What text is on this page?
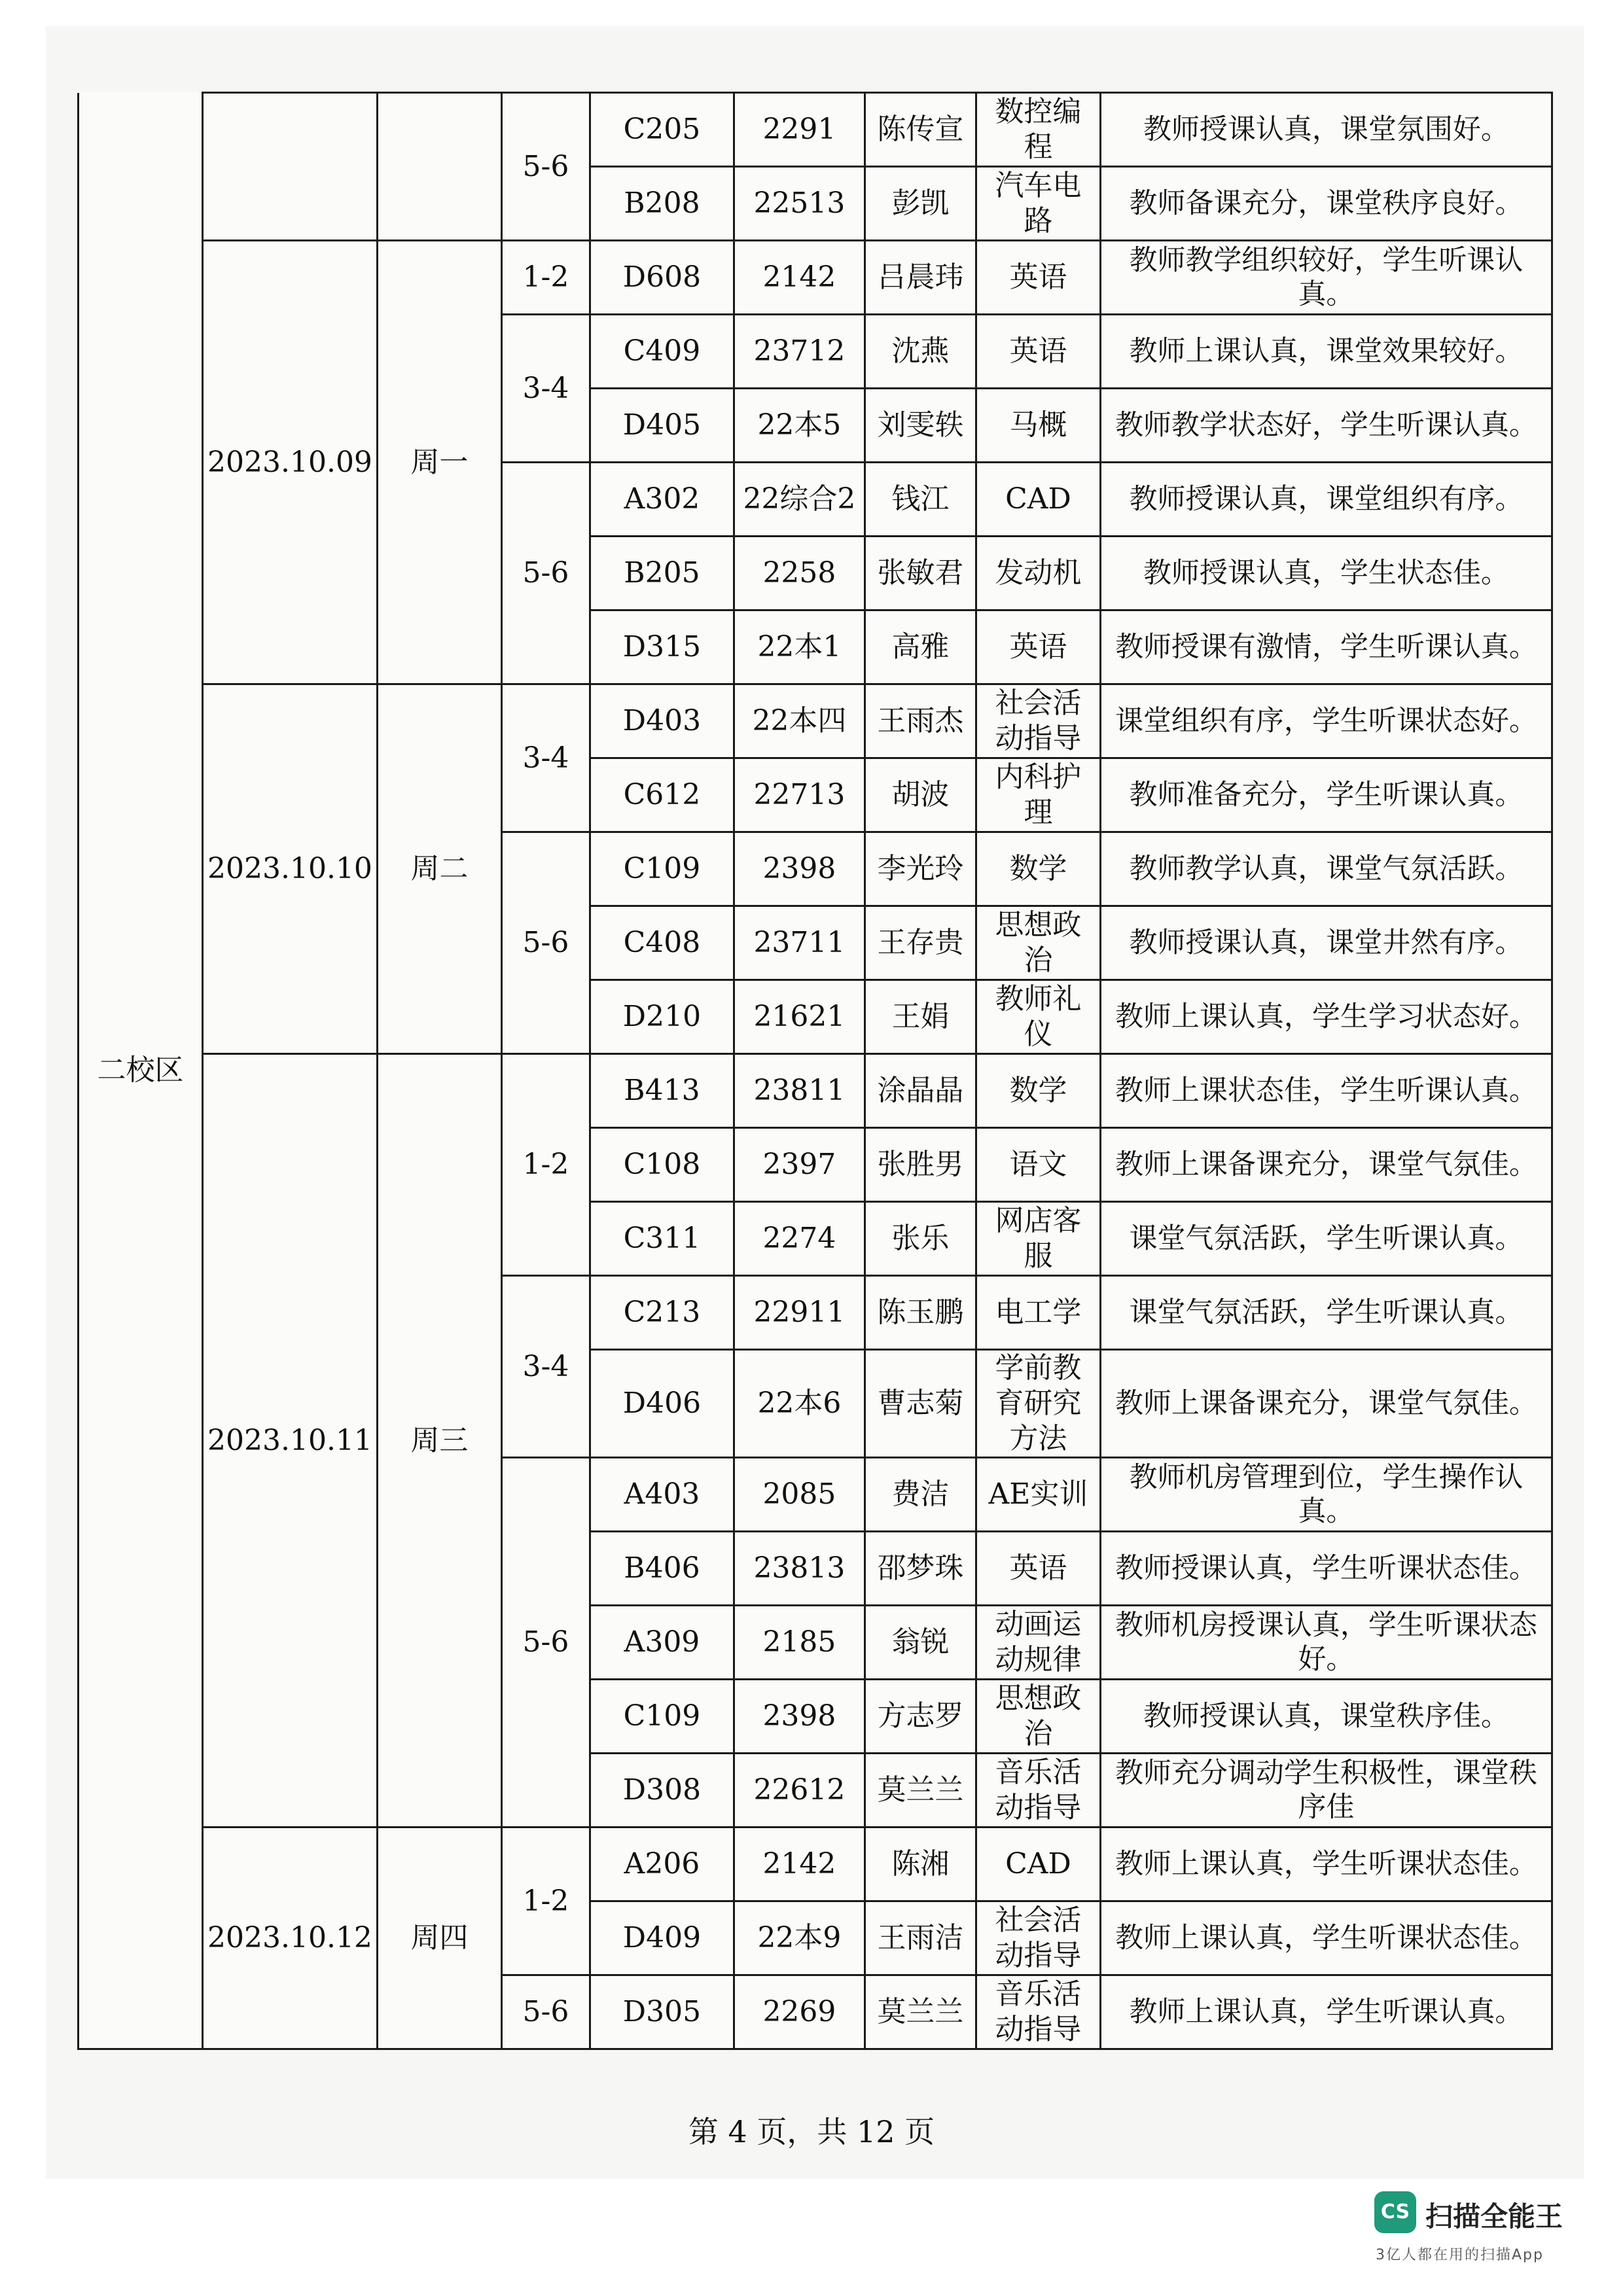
二校区			5-6	C205	2291	陈传宣	数控编程	教师授课认真，课堂氛围好。
				B208	22513	彭凯	汽车电路	教师备课充分，课堂秩序良好。
	2023.10.09	周一	1-2	D608	2142	吕晨玮	英语	教师教学组织较好，学生听课认真。
			3-4	C409	23712	沈燕	英语	教师上课认真，课堂效果较好。
				D405	22本5	刘雯轶	马概	教师教学状态好，学生听课认真。
			5-6	A302	22综合2	钱江	CAD	教师授课认真，课堂组织有序。
				B205	2258	张敏君	发动机	教师授课认真，学生状态佳。
				D315	22本1	高雅	英语	教师授课有激情，学生听课认真。
	2023.10.10	周二	3-4	D403	22本四	王雨杰	社会活动指导	课堂组织有序，学生听课状态好。
				C612	22713	胡波	内科护理	教师准备充分，学生听课认真。
			5-6	C109	2398	李光玲	数学	教师教学认真，课堂气氛活跃。
				C408	23711	王存贵	思想政治	教师授课认真，课堂井然有序。
				D210	21621	王娟	教师礼仪	教师上课认真，学生学习状态好。
	2023.10.11	周三	1-2	B413	23811	涂晶晶	数学	教师上课状态佳，学生听课认真。
				C108	2397	张胜男	语文	教师上课备课充分，课堂气氛佳。
				C311	2274	张乐	网店客服	课堂气氛活跃，学生听课认真。
			3-4	C213	22911	陈玉鹏	电工学	课堂气氛活跃，学生听课认真。
				D406	22本6	曹志菊	学前教育研究方法	教师上课备课充分，课堂气氛佳。
			5-6	A403	2085	费洁	AE实训	教师机房管理到位，学生操作认真。
				B406	23813	邵梦珠	英语	教师授课认真，学生听课状态佳。
				A309	2185	翁锐	动画运动规律	教师机房授课认真，学生听课状态好。
				C109	2398	方志罗	思想政治	教师授课认真，课堂秩序佳。
				D308	22612	莫兰兰	音乐活动指导	教师充分调动学生积极性，课堂秩序佳
	2023.10.12	周四	1-2	A206	2142	陈湘	CAD	教师上课认真，学生听课状态佳。
				D409	22本9	王雨洁	社会活动指导	教师上课认真，学生听课状态佳。
			5-6	D305	2269	莫兰兰	音乐活动指导	教师上课认真，学生听课认真。
第 4 页，共 12 页
CS 扫描全能王
3亿人都在用的扫描App
